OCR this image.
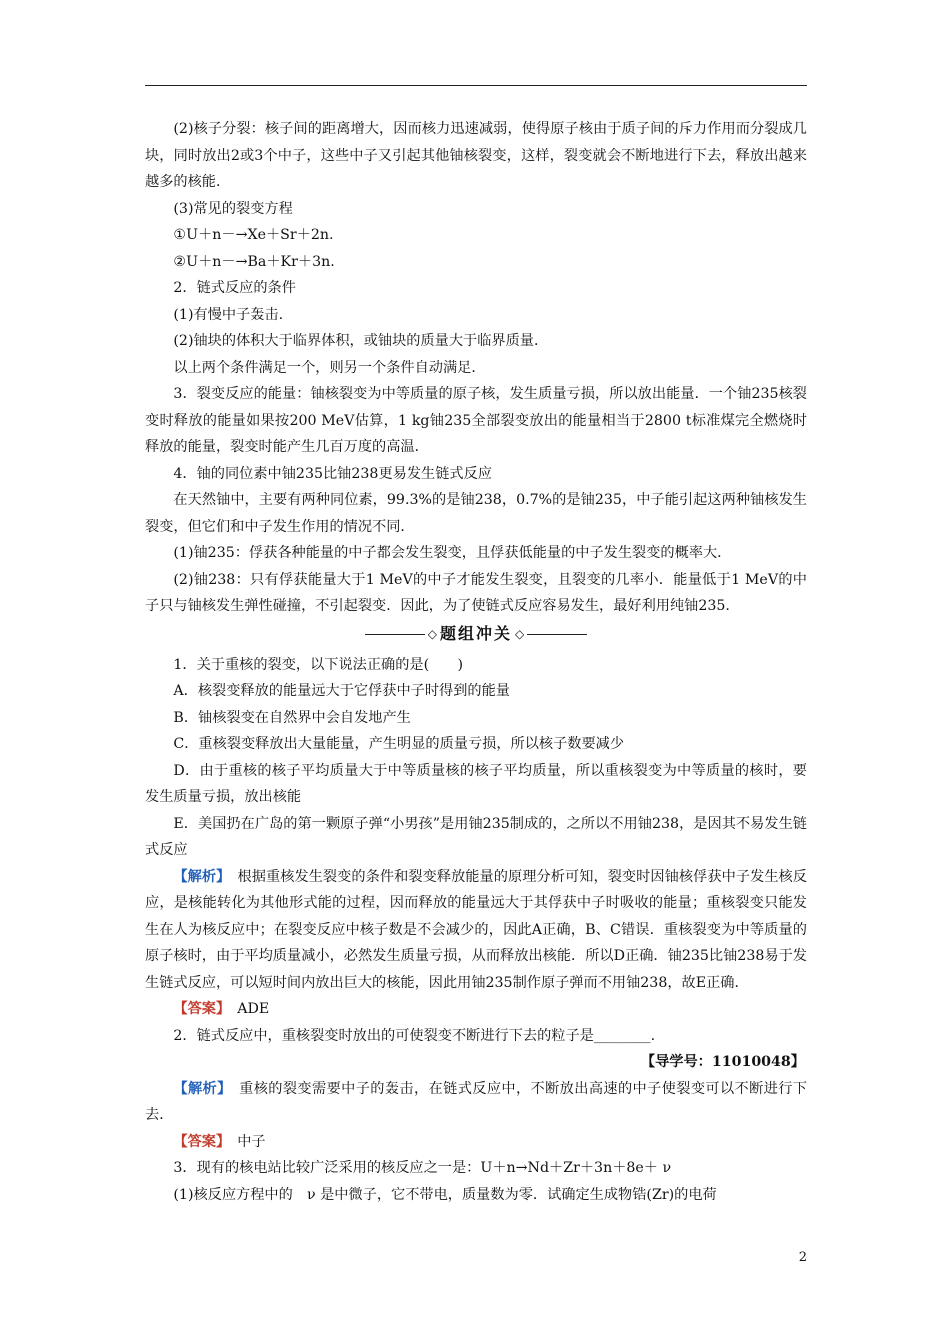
(2)核子分裂：核子间的距离增大，因而核力迅速减弱，使得原子核由于质子间的斥力作用而分裂成几块，同时放出2或3个中子，这些中子又引起其他铀核裂变，这样，裂变就会不断地进行下去，释放出越来越多的核能．

(3)常见的裂变方程

①U＋n－→Xe＋Sr＋2n.

②U＋n－→Ba＋Kr＋3n.

2．链式反应的条件

(1)有慢中子轰击.

(2)铀块的体积大于临界体积，或铀块的质量大于临界质量．

以上两个条件满足一个，则另一个条件自动满足．

3．裂变反应的能量：铀核裂变为中等质量的原子核，发生质量亏损，所以放出能量．一个铀235核裂变时释放的能量如果按200 MeV估算，1 kg铀235全部裂变放出的能量相当于2800 t标准煤完全燃烧时释放的能量，裂变时能产生几百万度的高温．

4．铀的同位素中铀235比铀238更易发生链式反应

在天然铀中，主要有两种同位素，99.3%的是铀238，0.7%的是铀235，中子能引起这两种铀核发生裂变，但它们和中子发生作用的情况不同．

(1)铀235：俘获各种能量的中子都会发生裂变，且俘获低能量的中子发生裂变的概率大．

(2)铀238：只有俘获能量大于1 MeV的中子才能发生裂变，且裂变的几率小．能量低于1 MeV的中子只与铀核发生弹性碰撞，不引起裂变．因此，为了使链式反应容易发生，最好利用纯铀235.

◇ 题组冲关 ◇

1．关于重核的裂变，以下说法正确的是(　　)

A．核裂变释放的能量远大于它俘获中子时得到的能量

B．铀核裂变在自然界中会自发地产生

C．重核裂变释放出大量能量，产生明显的质量亏损，所以核子数要减少

D．由于重核的核子平均质量大于中等质量核的核子平均质量，所以重核裂变为中等质量的核时，要发生质量亏损，放出核能

E．美国扔在广岛的第一颗原子弹“小男孩”是用铀235制成的，之所以不用铀238，是因其不易发生链式反应

【解析】　根据重核发生裂变的条件和裂变释放能量的原理分析可知，裂变时因铀核俘获中子发生核反应，是核能转化为其他形式能的过程，因而释放的能量远大于其俘获中子时吸收的能量；重核裂变只能发生在人为核反应中；在裂变反应中核子数是不会减少的，因此A正确，B、C错误．重核裂变为中等质量的原子核时，由于平均质量减小，必然发生质量亏损，从而释放出核能．所以D正确．铀235比铀238易于发生链式反应，可以短时间内放出巨大的核能，因此用铀235制作原子弹而不用铀238，故E正确．

【答案】　ADE

2．链式反应中，重核裂变时放出的可使裂变不断进行下去的粒子是________.

【导学号：11010048】

【解析】　重核的裂变需要中子的轰击，在链式反应中，不断放出高速的中子使裂变可以不断进行下去．

【答案】　中子

3．现有的核电站比较广泛采用的核反应之一是：U＋n→Nd＋Zr＋3n＋8e＋ ν

(1)核反应方程中的　ν 是中微子，它不带电，质量数为零．试确定生成物锆(Zr)的电荷

2
